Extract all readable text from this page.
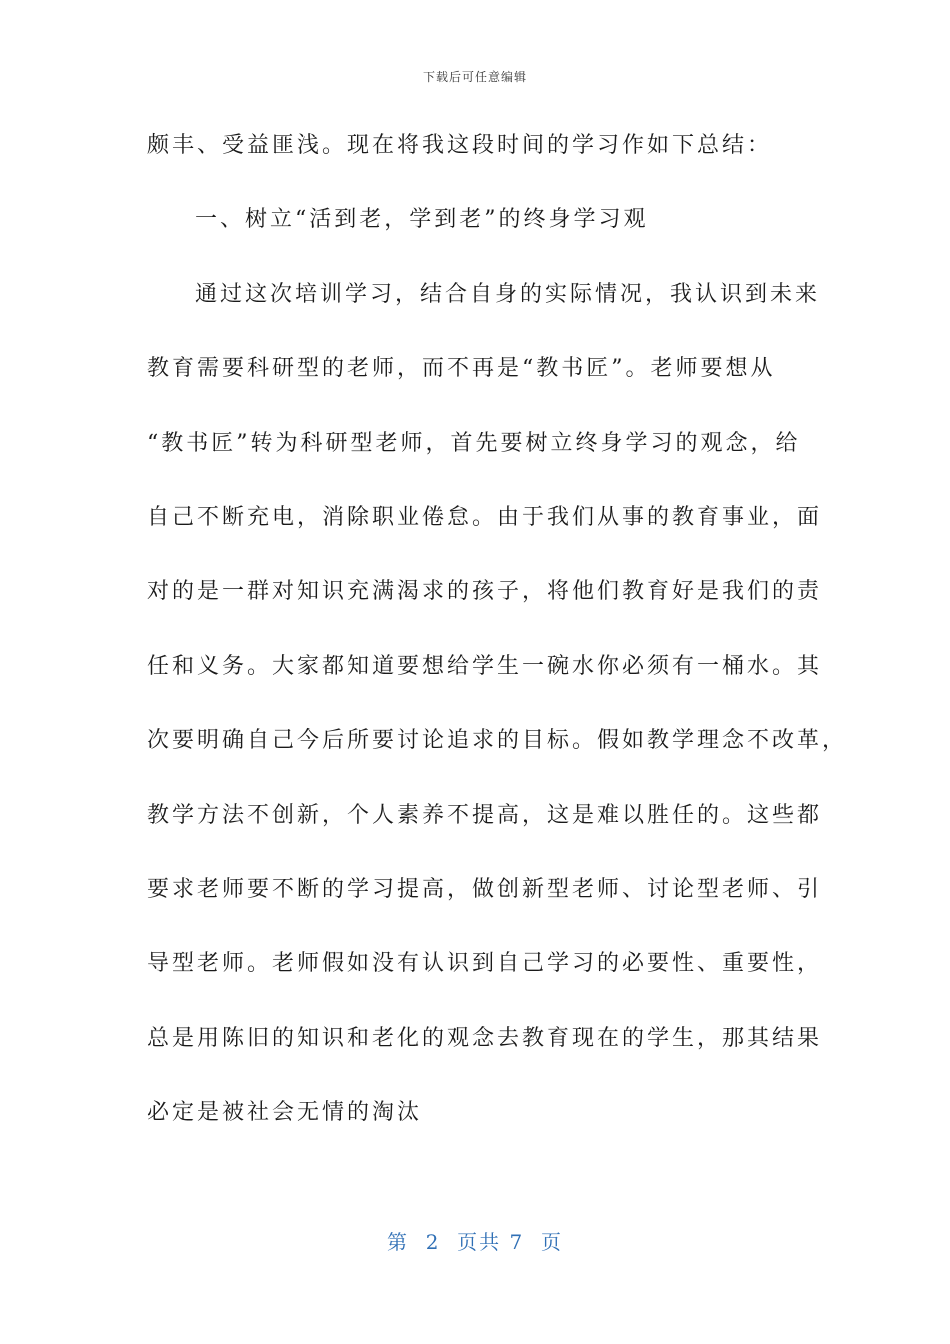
下载后可任意编辑
颇丰、受益匪浅。现在将我这段时间的学习作如下总结：
一、树立“活到老，学到老”的终身学习观
通过这次培训学习，结合自身的实际情况，我认识到未来
教育需要科研型的老师，而不再是“教书匠”。老师要想从
“教书匠”转为科研型老师，首先要树立终身学习的观念，给
自己不断充电，消除职业倦怠。由于我们从事的教育事业，面
对的是一群对知识充满渴求的孩子，将他们教育好是我们的责
任和义务。大家都知道要想给学生一碗水你必须有一桶水。其
次要明确自己今后所要讨论追求的目标。假如教学理念不改革，
教学方法不创新，个人素养不提高，这是难以胜任的。这些都
要求老师要不断的学习提高，做创新型老师、讨论型老师、引
导型老师。老师假如没有认识到自己学习的必要性、重要性，
总是用陈旧的知识和老化的观念去教育现在的学生，那其结果
必定是被社会无情的淘汰
第  2  页共 7  页
